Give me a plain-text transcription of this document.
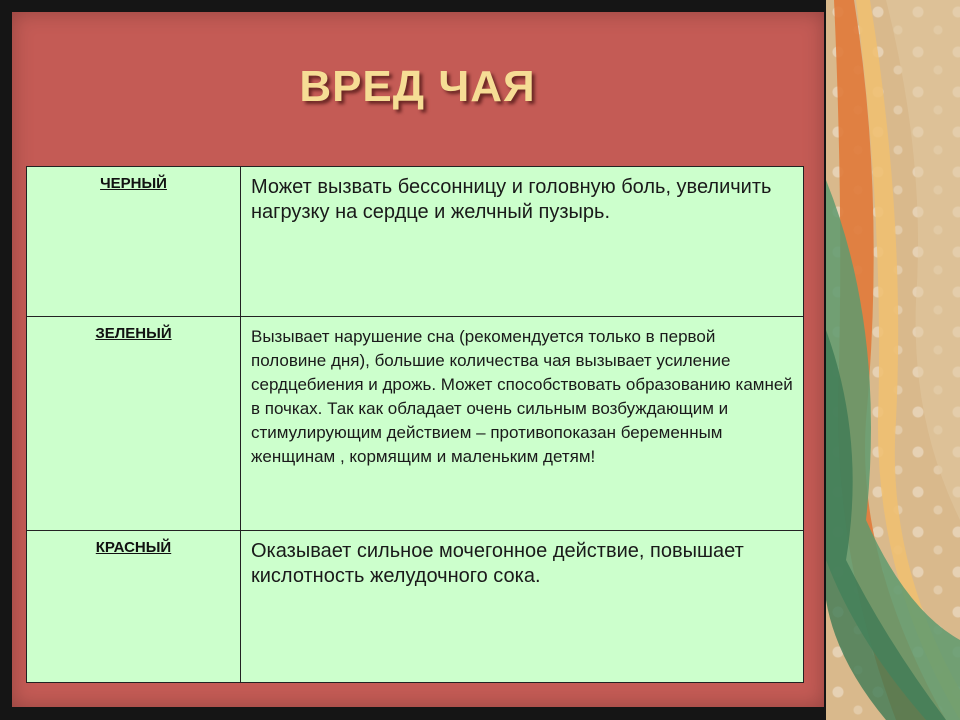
ВРЕД ЧАЯ
ЧЕРНЫЙ	Может вызвать бессонницу и головную боль, увеличить нагрузку на сердце и желчный пузырь.
ЗЕЛЕНЫЙ	Вызывает нарушение сна (рекомендуется только в первой половине дня), большие количества чая вызывает усиление сердцебиения и дрожь. Может способствовать образованию камней в почках. Так как обладает очень сильным возбуждающим и стимулирующим действием – противопоказан беременным женщинам , кормящим и маленьким детям!
КРАСНЫЙ	Оказывает сильное мочегонное действие, повышает кислотность желудочного сока.
